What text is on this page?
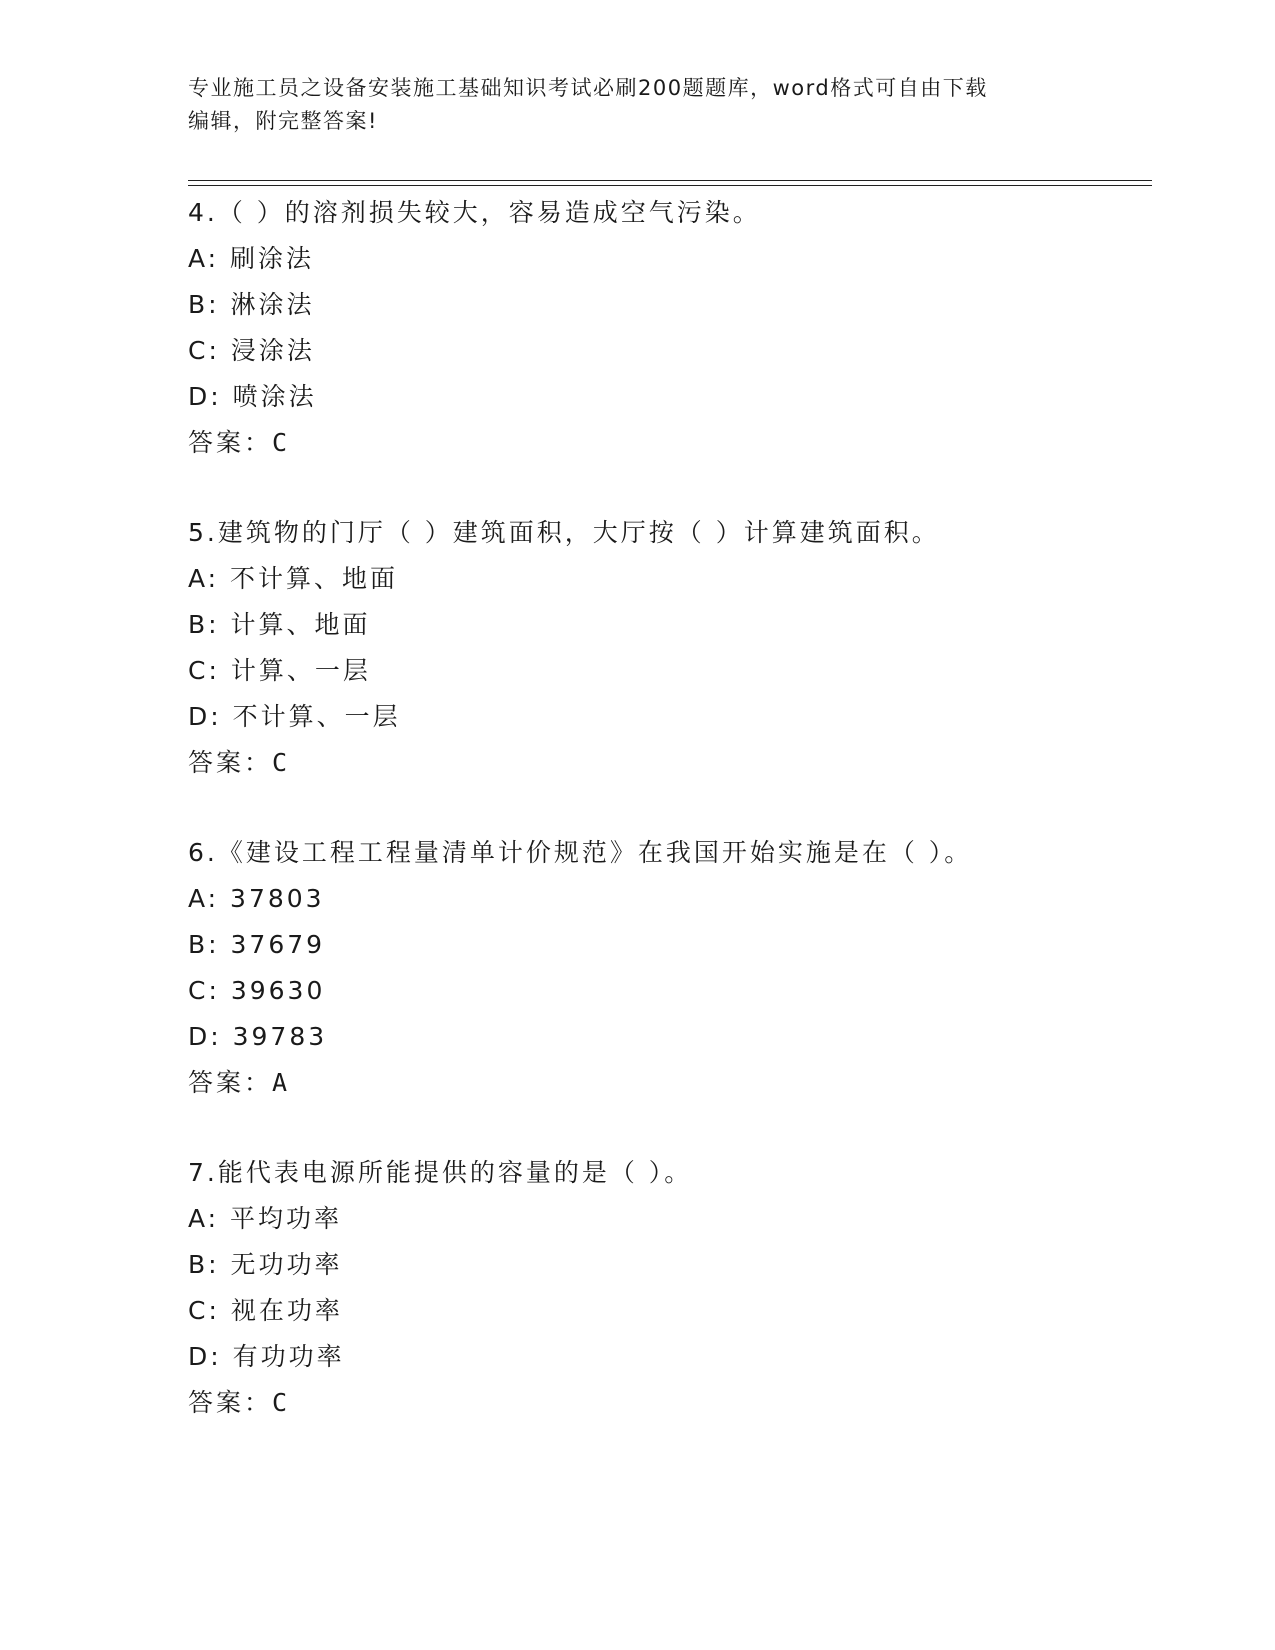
专业施工员之设备安装施工基础知识考试必刷200题题库，word格式可自由下载
编辑，附完整答案!
4.（ ）的溶剂损失较大，容易造成空气污染。
A: 刷涂法
B: 淋涂法
C: 浸涂法
D: 喷涂法
答案：C
5.建筑物的门厅（ ）建筑面积，大厅按（ ）计算建筑面积。
A: 不计算、地面
B: 计算、地面
C: 计算、一层
D: 不计算、一层
答案：C
6.《建设工程工程量清单计价规范》在我国开始实施是在（ ）。
A: 37803
B: 37679
C: 39630
D: 39783
答案：A
7.能代表电源所能提供的容量的是（ ）。
A: 平均功率
B: 无功功率
C: 视在功率
D: 有功功率
答案：C
